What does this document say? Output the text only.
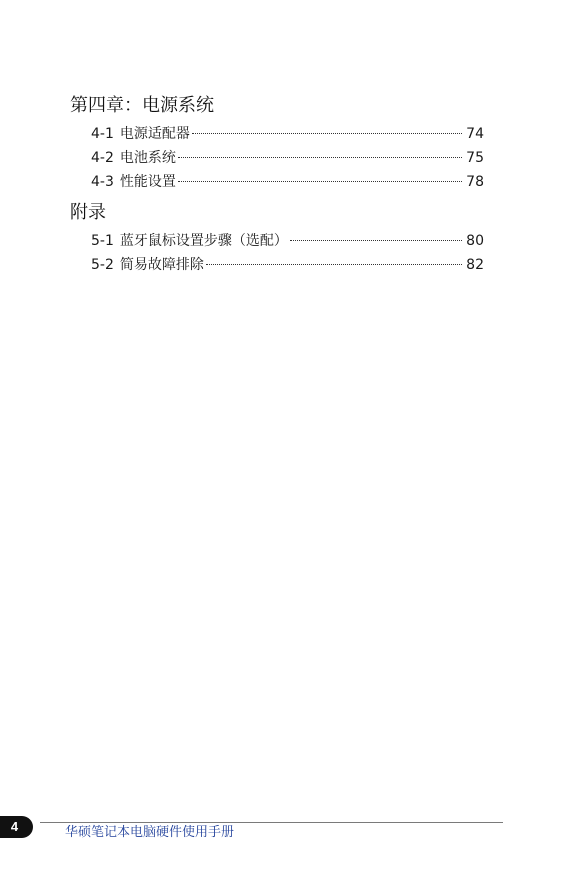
第四章：电源系统
4-1 电源适配器	74
4-2 电池系统	75
4-3 性能设置	78
附录
5-1 蓝牙鼠标设置步骤（选配）	80
5-2 简易故障排除	82
4	华硕笔记本电脑硬件使用手册
